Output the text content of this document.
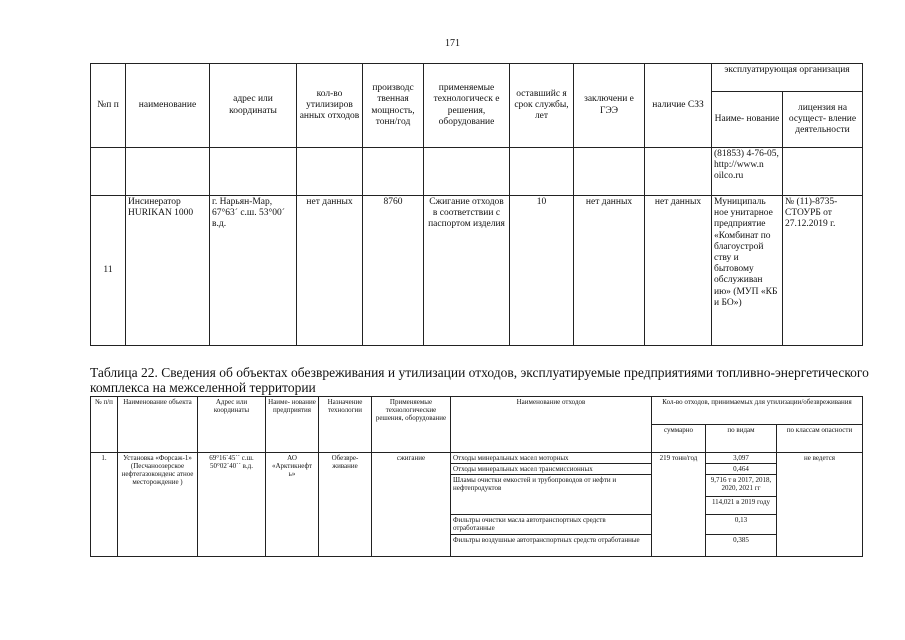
171
№п п	наименование	адрес или координаты	кол-во утилизиров анных отходов	производс твенная мощность, тонн/год	применяемые технологическ е решения, оборудование	оставшийс я срок службы, лет	заключени е ГЭЭ	наличие СЗЗ	эксплуатирующая организация	
									Наиме- нование	лицензия на осущест- вление деятельности
									(81853) 4-76-05, http://www.n oilco.ru	
11	Инсинератор HURIKAN 1000	г. Нарьян-Мар, 67°63´ с.ш. 53°00´ в.д.	нет данных	8760	Сжигание отходов в соответствии с паспортом изделия	10	нет данных	нет данных	Муниципаль ное унитарное предприятие «Комбинат по благоустрой ству и бытовому обслуживан ию» (МУП «КБ и БО»)	№ (11)-8735-СТОУРБ от 27.12.2019 г.
Таблица 22. Сведения об объектах обезвреживания и утилизации отходов, эксплуатируемые предприятиями топливно-энергетического комплекса на межселенной территории
№ п/п	Наименование объекта	Адрес или координаты	Наиме- нование предприятия	Назначение технологии	Применяемые технологические решения, оборудование	Наименование отходов	Кол-во отходов, принимаемых для утилизации/обезвреживания		
							суммарно	по видам	по классам опасности
1.	Установка «Форсаж-1» (Песчаноозерское нефтегазоконденс атное месторождение )	69°16´45´´ с.ш. 50°02´40´´ в.д.	АО «Арктикнефт ь»	Обезвре- живание	сжигание	Отходы минеральных масел моторных	219 тонн/год	3,097	не ведется
						Отходы минеральных масел трансмиссионных		0,464	
						Шламы очистки емкостей и трубопроводов от нефти и нефтепродуктов		9,716 т в 2017, 2018, 2020, 2021 гг	
								114,021 в 2019 году	
						Фильтры очистки масла автотранспортных средств отработанные		0,13	
						Фильтры воздушные автотранспортных средств отработанные		0,385	
